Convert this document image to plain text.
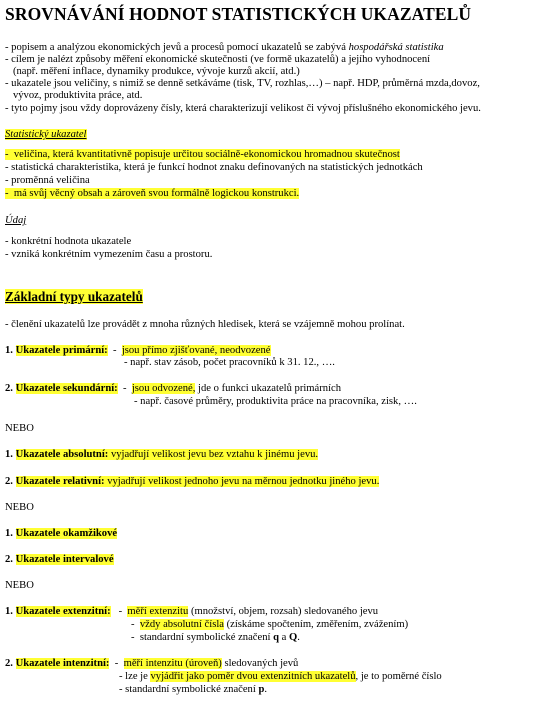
SROVNÁVÁNÍ HODNOT STATISTICKÝCH UKAZATELŮ
- popisem a analýzou ekonomických jevů a procesů pomocí ukazatelů se zabývá hospodářská statistika
- cílem je nalézt způsoby měření ekonomické skutečnosti (ve formě ukazatelů) a jejího vyhodnocení
(např. měření inflace, dynamiky produkce, vývoje kurzů akcií, atd.)
- ukazatele jsou veličiny, s nimiž se denně setkáváme (tisk, TV, rozhlas,…) – např. HDP, průměrná mzda,dovoz,
vývoz, produktivita práce, atd.
- tyto pojmy jsou vždy doprovázeny čísly, která charakterizují velikost či vývoj příslušného ekonomického jevu.
Statistický ukazatel
-  veličina, která kvantitativně popisuje určitou sociálně-ekonomickou hromadnou skutečnost
- statistická charakteristika, která je funkcí hodnot znaku definovaných na statistických jednotkách
- proměnná veličina
-  má svůj věcný obsah a zároveň svou formálně logickou konstrukci.
Údaj
- konkrétní hodnota ukazatele
- vzniká konkrétním vymezením času a prostoru.
Základní typy ukazatelů
- členění ukazatelů lze provádět z mnoha různých hledisek, která se vzájemně mohou prolínat.
1. Ukazatele primární:  -  jsou přímo zjišťované, neodvozené
- např. stav zásob, počet pracovníků k 31. 12., ….
2. Ukazatele sekundární:  -  jsou odvozené, jde o funkci ukazatelů primárních
- např. časové průměry, produktivita práce na pracovníka, zisk, ….
NEBO
1. Ukazatele absolutní: vyjadřují velikost jevu bez vztahu k jinému jevu.
2. Ukazatele relativní: vyjadřují velikost jednoho jevu na měrnou jednotku jiného jevu.
NEBO
1. Ukazatele okamžikové
2. Ukazatele intervalové
NEBO
1. Ukazatele extenzitní:   -  měří extenzitu (množství, objem, rozsah) sledovaného jevu
-  vždy absolutní čísla (získáme spočtením, změřením, zvážením)
-  standardní symbolické značení q a Q.
2. Ukazatele intenzitní:  -  měří intenzitu (úroveň) sledovaných jevů
- lze je vyjádřit jako poměr dvou extenzitních ukazatelů, je to poměrné číslo
- standardní symbolické značení p.
